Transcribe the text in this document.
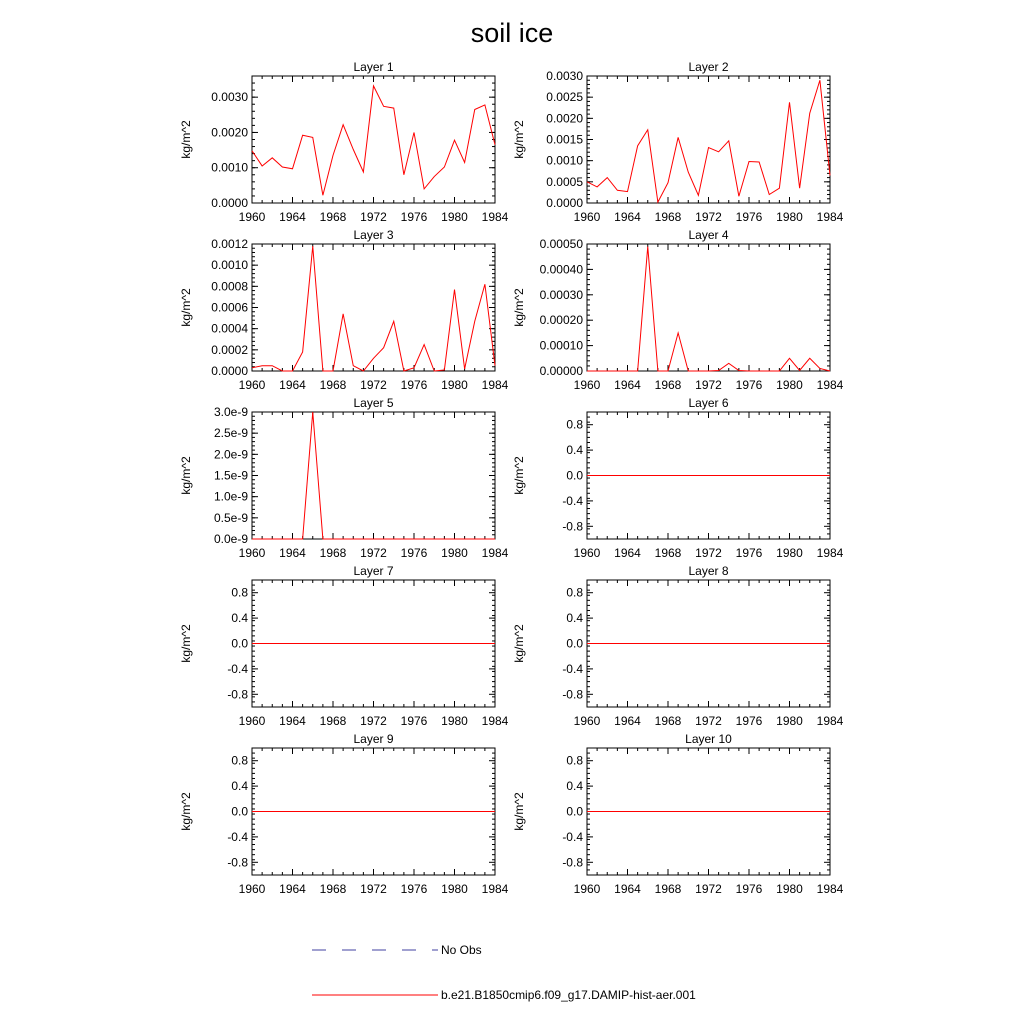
soil ice
Layer 1
1960 1964 1968 1972 1976 1980 1984
0.0000
0.0010
0.0020
0.0030
kg/m^2
Layer 2
1960 1964 1968 1972 1976 1980 1984
0.0000
0.0005
0.0010
0.0015
0.0020
0.0025
0.0030
kg/m^2
Layer 3
1960 1964 1968 1972 1976 1980 1984
0.0000
0.0002
0.0004
0.0006
0.0008
0.0010
0.0012
kg/m^2
Layer 4
1960 1964 1968 1972 1976 1980 1984
0.00000
0.00010
0.00020
0.00030
0.00040
0.00050
kg/m^2
Layer 5
1960 1964 1968 1972 1976 1980 1984
0.0e-9
0.5e-9
1.0e-9
1.5e-9
2.0e-9
2.5e-9
3.0e-9
kg/m^2
Layer 6
1960 1964 1968 1972 1976 1980 1984
-0.8
-0.4
0.0
0.4
0.8
kg/m^2
Layer 7
1960 1964 1968 1972 1976 1980 1984
-0.8
-0.4
0.0
0.4
0.8
kg/m^2
Layer 8
1960 1964 1968 1972 1976 1980 1984
-0.8
-0.4
0.0
0.4
0.8
kg/m^2
Layer 9
1960 1964 1968 1972 1976 1980 1984
-0.8
-0.4
0.0
0.4
0.8
kg/m^2
Layer 10
1960 1964 1968 1972 1976 1980 1984
-0.8
-0.4
0.0
0.4
0.8
kg/m^2
No Obs
b.e21.B1850cmip6.f09_g17.DAMIP-hist-aer.001
